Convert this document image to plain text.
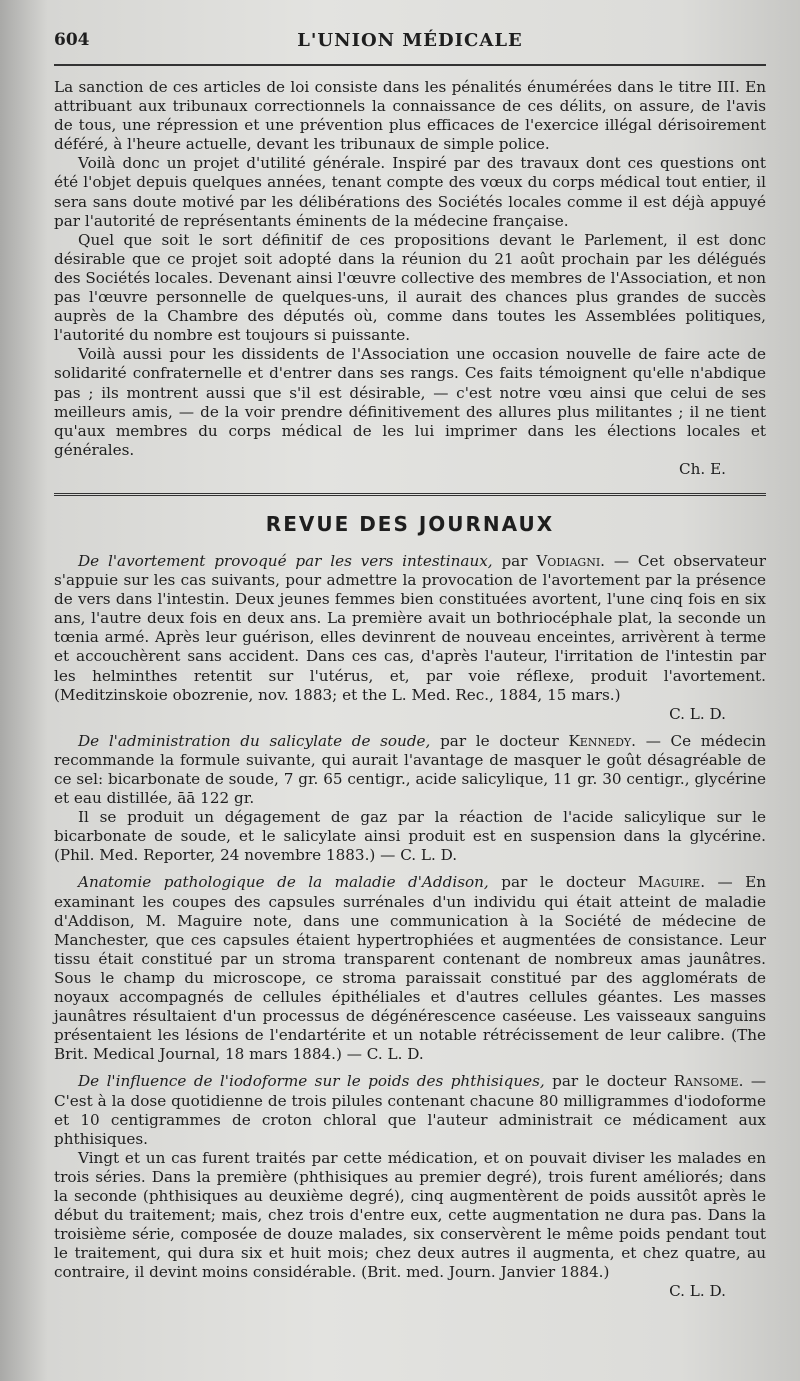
604	L'UNION MÉDICALE

La sanction de ces articles de loi consiste dans les pénalités énumérées dans le titre III. En attribuant aux tribunaux correctionnels la connaissance de ces délits, on assure, de l'avis de tous, une répression et une prévention plus efficaces de l'exercice illégal dérisoirement déféré, à l'heure actuelle, devant les tribunaux de simple police.

Voilà donc un projet d'utilité générale. Inspiré par des travaux dont ces questions ont été l'objet depuis quelques années, tenant compte des vœux du corps médical tout entier, il sera sans doute motivé par les délibérations des Sociétés locales comme il est déjà appuyé par l'autorité de représentants éminents de la médecine française.

Quel que soit le sort définitif de ces propositions devant le Parlement, il est donc désirable que ce projet soit adopté dans la réunion du 21 août prochain par les délégués des Sociétés locales. Devenant ainsi l'œuvre collective des membres de l'Association, et non pas l'œuvre personnelle de quelques-uns, il aurait des chances plus grandes de succès auprès de la Chambre des députés où, comme dans toutes les Assemblées politiques, l'autorité du nombre est toujours si puissante.

Voilà aussi pour les dissidents de l'Association une occasion nouvelle de faire acte de solidarité confraternelle et d'entrer dans ses rangs. Ces faits témoignent qu'elle n'abdique pas ; ils montrent aussi que s'il est désirable, — c'est notre vœu ainsi que celui de ses meilleurs amis, — de la voir prendre définitivement des allures plus militantes ; il ne tient qu'aux membres du corps médical de les lui imprimer dans les élections locales et générales.

Ch. E.

REVUE DES JOURNAUX

De l'avortement provoqué par les vers intestinaux, par Vodiagni. — Cet observateur s'appuie sur les cas suivants, pour admettre la provocation de l'avortement par la présence de vers dans l'intestin. Deux jeunes femmes bien constituées avortent, l'une cinq fois en six ans, l'autre deux fois en deux ans. La première avait un bothriocéphale plat, la seconde un tœnia armé. Après leur guérison, elles devinrent de nouveau enceintes, arrivèrent à terme et accouchèrent sans accident. Dans ces cas, d'après l'auteur, l'irritation de l'intestin par les helminthes retentit sur l'utérus, et, par voie réflexe, produit l'avortement. (Meditzinskoie obozrenie, nov. 1883; et the L. Med. Rec., 1884, 15 mars.)

C. L. D.

De l'administration du salicylate de soude, par le docteur Kennedy. — Ce médecin recommande la formule suivante, qui aurait l'avantage de masquer le goût désagréable de ce sel: bicarbonate de soude, 7 gr. 65 centigr., acide salicylique, 11 gr. 30 centigr., glycérine et eau distillée, āā 122 gr.

Il se produit un dégagement de gaz par la réaction de l'acide salicylique sur le bicarbonate de soude, et le salicylate ainsi produit est en suspension dans la glycérine. (Phil. Med. Reporter, 24 novembre 1883.) — C. L. D.

Anatomie pathologique de la maladie d'Addison, par le docteur Maguire. — En examinant les coupes des capsules surrénales d'un individu qui était atteint de maladie d'Addison, M. Maguire note, dans une communication à la Société de médecine de Manchester, que ces capsules étaient hypertrophiées et augmentées de consistance. Leur tissu était constitué par un stroma transparent contenant de nombreux amas jaunâtres. Sous le champ du microscope, ce stroma paraissait constitué par des agglomérats de noyaux accompagnés de cellules épithéliales et d'autres cellules géantes. Les masses jaunâtres résultaient d'un processus de dégénérescence caséeuse. Les vaisseaux sanguins présentaient les lésions de l'endartérite et un notable rétrécissement de leur calibre. (The Brit. Medical Journal, 18 mars 1884.) — C. L. D.

De l'influence de l'iodoforme sur le poids des phthisiques, par le docteur Ransome. — C'est à la dose quotidienne de trois pilules contenant chacune 80 milligrammes d'iodoforme et 10 centigrammes de croton chloral que l'auteur administrait ce médicament aux phthisiques.

Vingt et un cas furent traités par cette médication, et on pouvait diviser les malades en trois séries. Dans la première (phthisiques au premier degré), trois furent améliorés; dans la seconde (phthisiques au deuxième degré), cinq augmentèrent de poids aussitôt après le début du traitement; mais, chez trois d'entre eux, cette augmentation ne dura pas. Dans la troisième série, composée de douze malades, six conservèrent le même poids pendant tout le traitement, qui dura six et huit mois; chez deux autres il augmenta, et chez quatre, au contraire, il devint moins considérable. (Brit. med. Journ. Janvier 1884.)

C. L. D.
